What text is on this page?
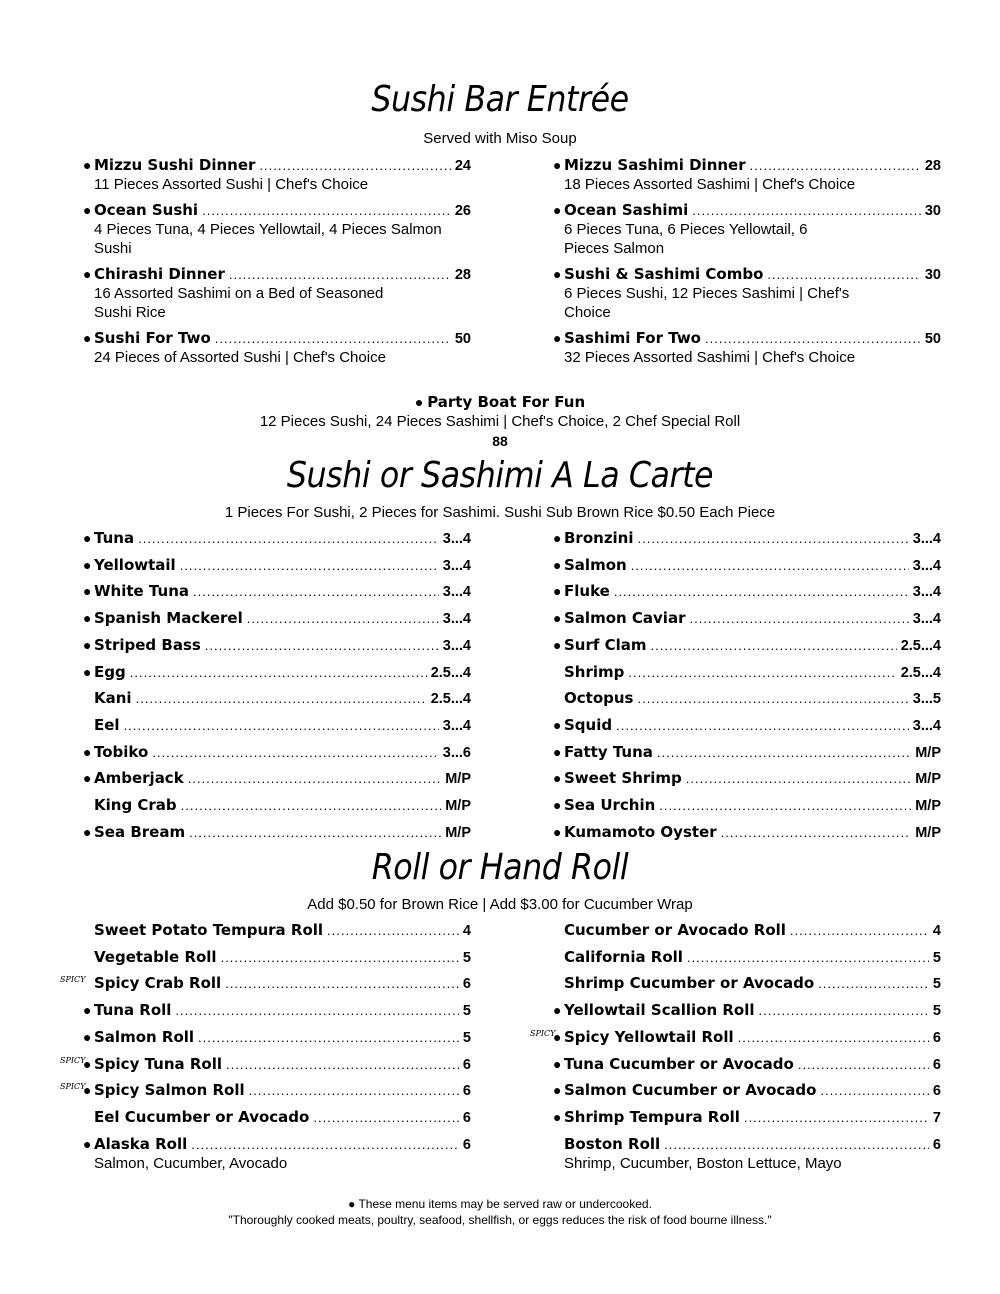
Sushi Bar Entrée
Served with Miso Soup
● Mizzu Sushi Dinner .....	24
11 Pieces Assorted Sushi | Chef's Choice
● Ocean Sushi .....	26
4 Pieces Tuna, 4 Pieces Yellowtail, 4 Pieces Salmon Sushi
● Chirashi Dinner .....	28
16 Assorted Sashimi on a Bed of Seasoned Sushi Rice
● Sushi For Two .....	50
24 Pieces of Assorted Sushi | Chef's Choice
● Mizzu Sashimi Dinner .....	28
18 Pieces Assorted Sashimi | Chef's Choice
● Ocean Sashimi .....	30
6 Pieces Tuna, 6 Pieces Yellowtail, 6 Pieces Salmon
● Sushi & Sashimi Combo .....	30
6 Pieces Sushi, 12 Pieces Sashimi | Chef's Choice
● Sashimi For Two .....	50
32 Pieces Assorted Sashimi | Chef's Choice
● Party Boat For Fun
12 Pieces Sushi, 24 Pieces Sashimi | Chef's Choice, 2 Chef Special Roll
88
Sushi or Sashimi A La Carte
1 Pieces For Sushi, 2 Pieces for Sashimi. Sushi Sub Brown Rice $0.50 Each Piece
● Tuna .....	3...4
● Yellowtail .....	3...4
● White Tuna .....	3...4
● Spanish Mackerel .....	3...4
● Striped Bass .....	3...4
● Egg .....	2.5...4
Kani .....	2.5...4
Eel .....	3...4
● Tobiko .....	3...6
● Amberjack .....	M/P
King Crab .....	M/P
● Sea Bream .....	M/P
● Bronzini .....	3...4
● Salmon .....	3...4
● Fluke .....	3...4
● Salmon Caviar .....	3...4
● Surf Clam .....	2.5...4
Shrimp .....	2.5...4
Octopus .....	3...5
● Squid .....	3...4
● Fatty Tuna .....	M/P
● Sweet Shrimp .....	M/P
● Sea Urchin .....	M/P
● Kumamoto Oyster .....	M/P
Roll or Hand Roll
Add $0.50 for Brown Rice | Add $3.00 for Cucumber Wrap
Sweet Potato Tempura Roll .....	4
Vegetable Roll .....	5
SPICY Spicy Crab Roll .....	6
● Tuna Roll .....	5
● Salmon Roll .....	5
SPICY
● Spicy Tuna Roll .....	6
SPICY
● Spicy Salmon Roll .....	6
Eel Cucumber or Avocado .....	6
● Alaska Roll .....	6
Salmon, Cucumber, Avocado
Cucumber or Avocado Roll .....	4
California Roll .....	5
Shrimp Cucumber or Avocado .....	5
● Yellowtail Scallion Roll .....	5
SPICY
● Spicy Yellowtail Roll .....	6
● Tuna Cucumber or Avocado .....	6
● Salmon Cucumber or Avocado .....	6
● Shrimp Tempura Roll .....	7
Boston Roll .....	6
Shrimp, Cucumber, Boston Lettuce, Mayo
● These menu items may be served raw or undercooked.
"Thoroughly cooked meats, poultry, seafood, shellfish, or eggs reduces the risk of food bourne illness."
